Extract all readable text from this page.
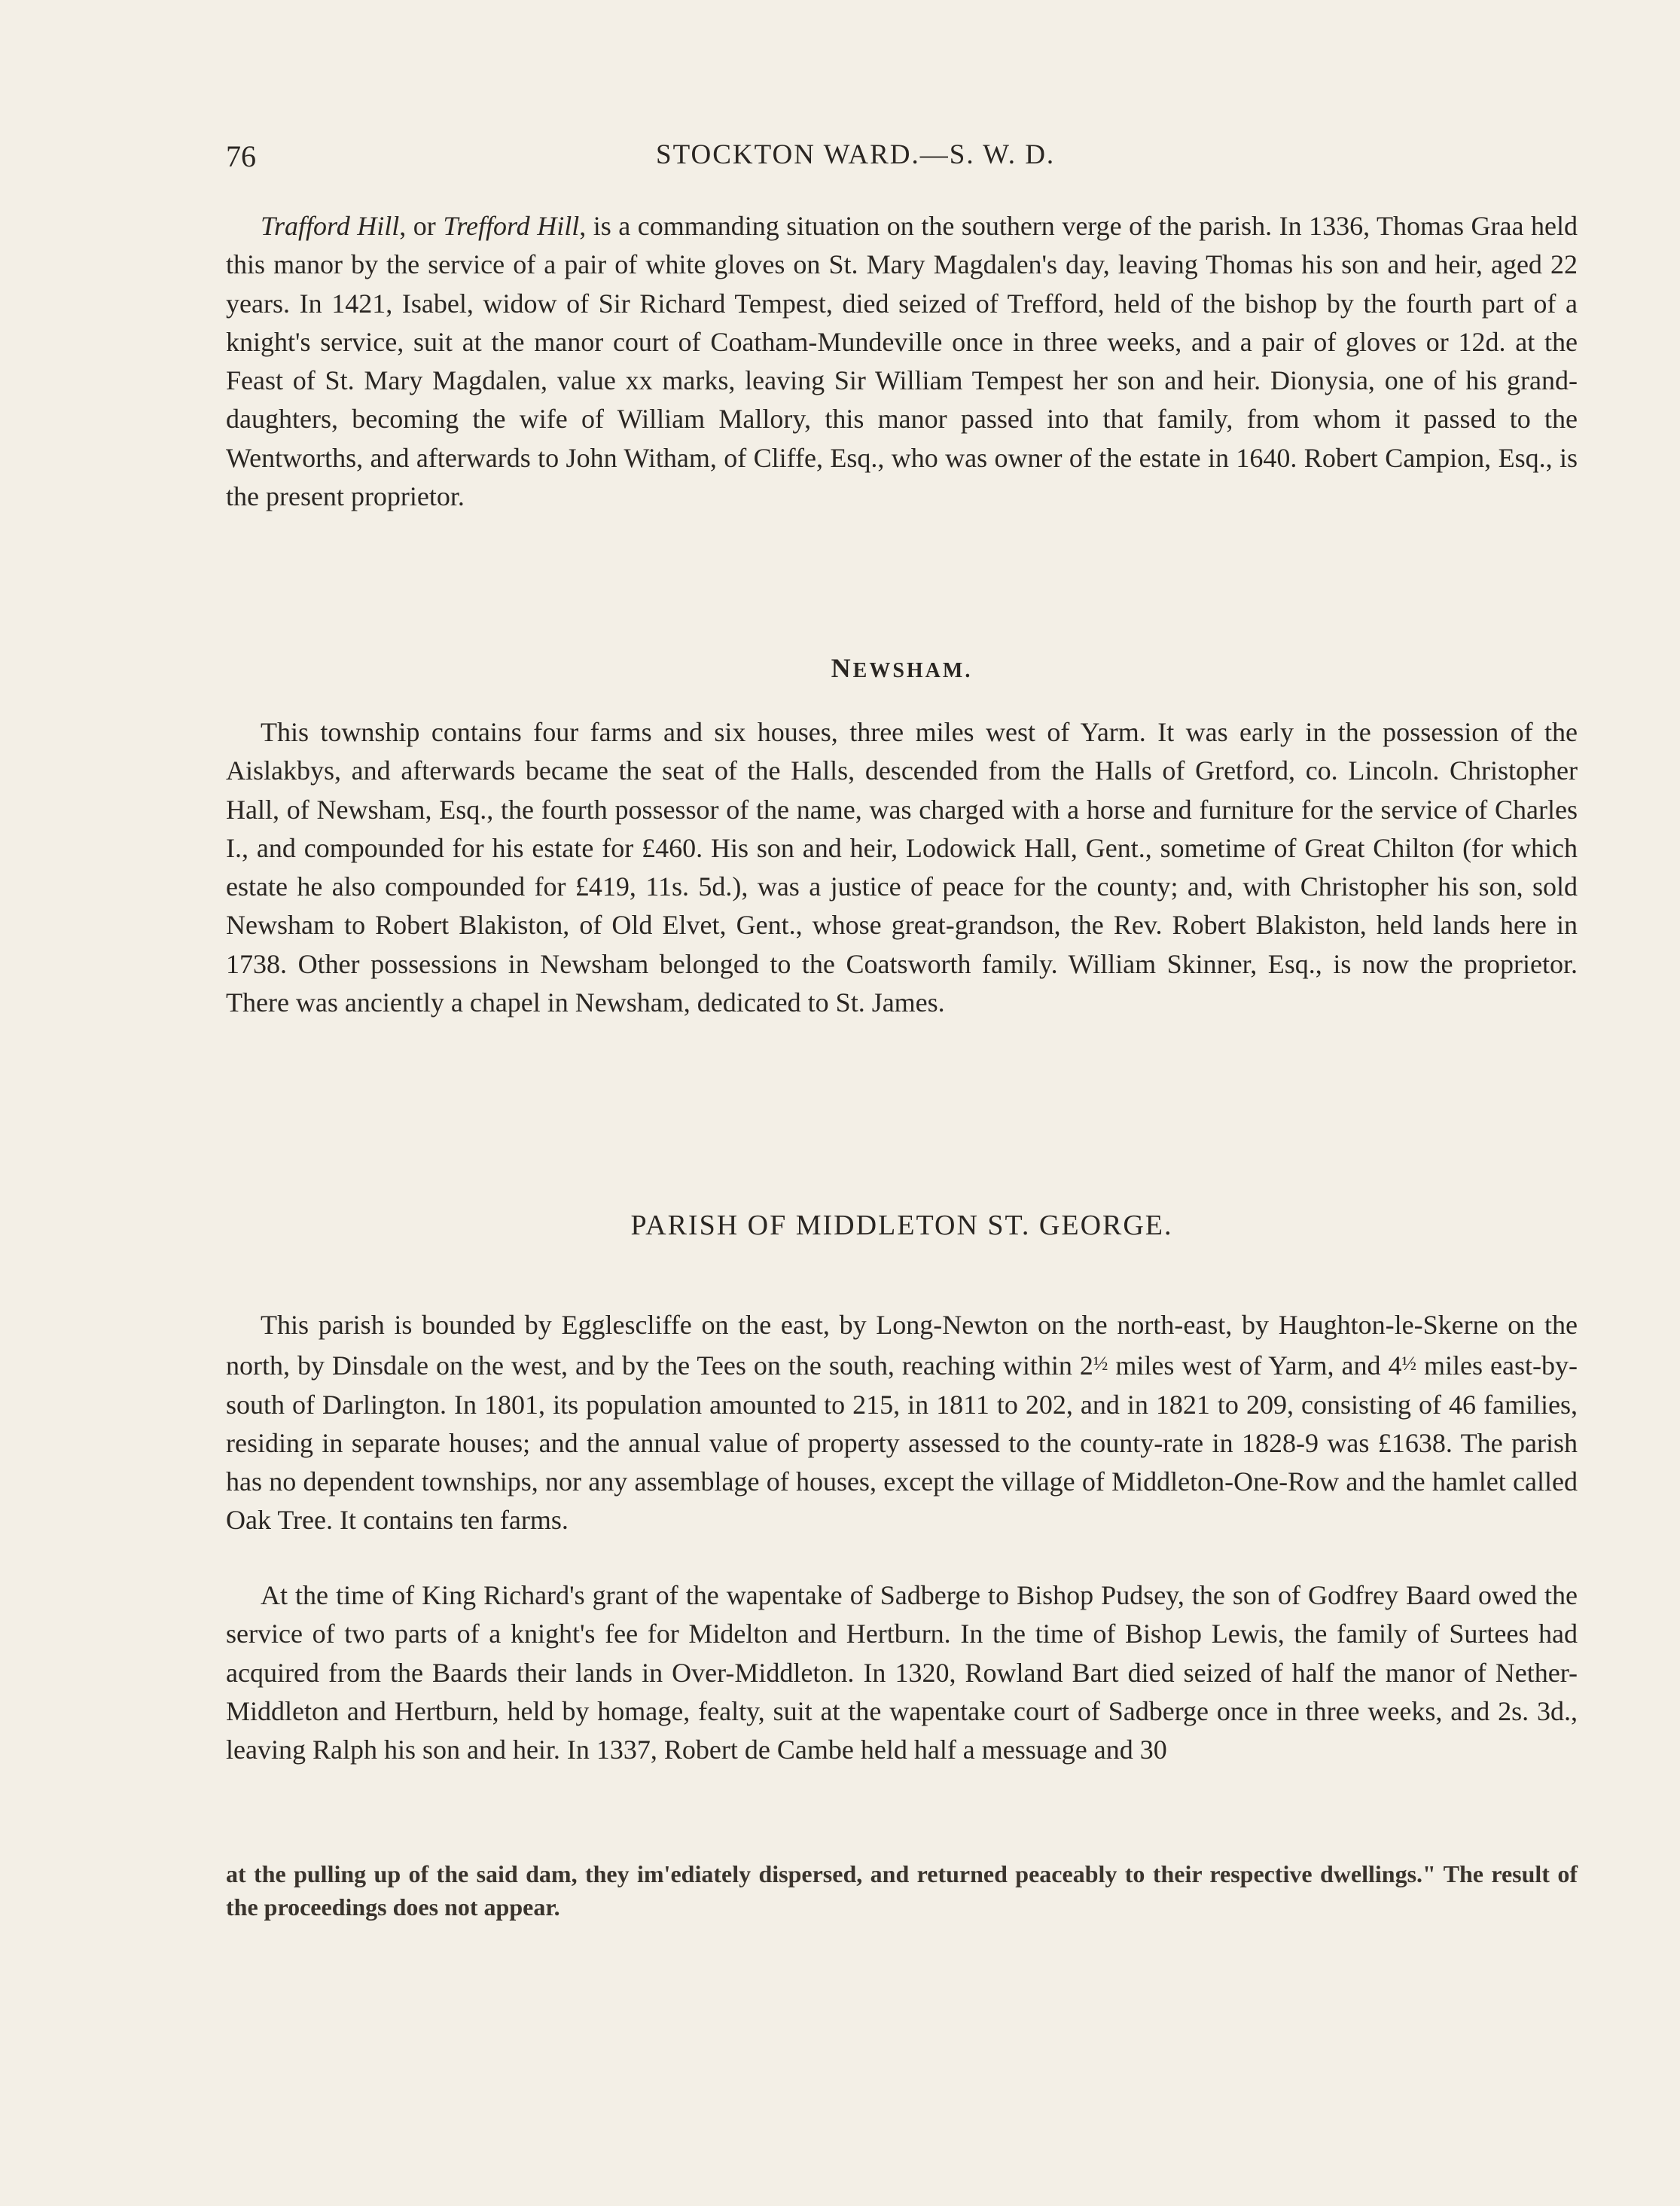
76	STOCKTON WARD.—S. W. D.

Trafford Hill, or Trefford Hill, is a commanding situation on the southern verge of the parish. In 1336, Thomas Graa held this manor by the service of a pair of white gloves on St. Mary Magdalen's day, leaving Thomas his son and heir, aged 22 years. In 1421, Isabel, widow of Sir Richard Tempest, died seized of Trefford, held of the bishop by the fourth part of a knight's service, suit at the manor court of Coatham-Mundeville once in three weeks, and a pair of gloves or 12d. at the Feast of St. Mary Magdalen, value xx marks, leaving Sir William Tempest her son and heir. Dionysia, one of his grand-daughters, becoming the wife of William Mallory, this manor passed into that family, from whom it passed to the Wentworths, and afterwards to John Witham, of Cliffe, Esq., who was owner of the estate in 1640. Robert Campion, Esq., is the present proprietor.

NEWSHAM.

This township contains four farms and six houses, three miles west of Yarm. It was early in the possession of the Aislakbys, and afterwards became the seat of the Halls, descended from the Halls of Gretford, co. Lincoln. Christopher Hall, of Newsham, Esq., the fourth possessor of the name, was charged with a horse and furniture for the service of Charles I., and compounded for his estate for £460. His son and heir, Lodowick Hall, Gent., sometime of Great Chilton (for which estate he also compounded for £419, 11s. 5d.), was a justice of peace for the county; and, with Christopher his son, sold Newsham to Robert Blakiston, of Old Elvet, Gent., whose great-grandson, the Rev. Robert Blakiston, held lands here in 1738. Other possessions in Newsham belonged to the Coatsworth family. William Skinner, Esq., is now the proprietor. There was anciently a chapel in Newsham, dedicated to St. James.

PARISH OF MIDDLETON ST. GEORGE.

This parish is bounded by Egglescliffe on the east, by Long-Newton on the north-east, by Haughton-le-Skerne on the north, by Dinsdale on the west, and by the Tees on the south, reaching within 2½ miles west of Yarm, and 4½ miles east-by-south of Darlington. In 1801, its population amounted to 215, in 1811 to 202, and in 1821 to 209, consisting of 46 families, residing in separate houses; and the annual value of property assessed to the county-rate in 1828-9 was £1638. The parish has no dependent townships, nor any assemblage of houses, except the village of Middleton-One-Row and the hamlet called Oak Tree. It contains ten farms.

At the time of King Richard's grant of the wapentake of Sadberge to Bishop Pudsey, the son of Godfrey Baard owed the service of two parts of a knight's fee for Midelton and Hertburn. In the time of Bishop Lewis, the family of Surtees had acquired from the Baards their lands in Over-Middleton. In 1320, Rowland Bart died seized of half the manor of Nether-Middleton and Hertburn, held by homage, fealty, suit at the wapentake court of Sadberge once in three weeks, and 2s. 3d., leaving Ralph his son and heir. In 1337, Robert de Cambe held half a messuage and 30

at the pulling up of the said dam, they im'ediately dispersed, and returned peaceably to their respective dwellings." The result of the proceedings does not appear.
